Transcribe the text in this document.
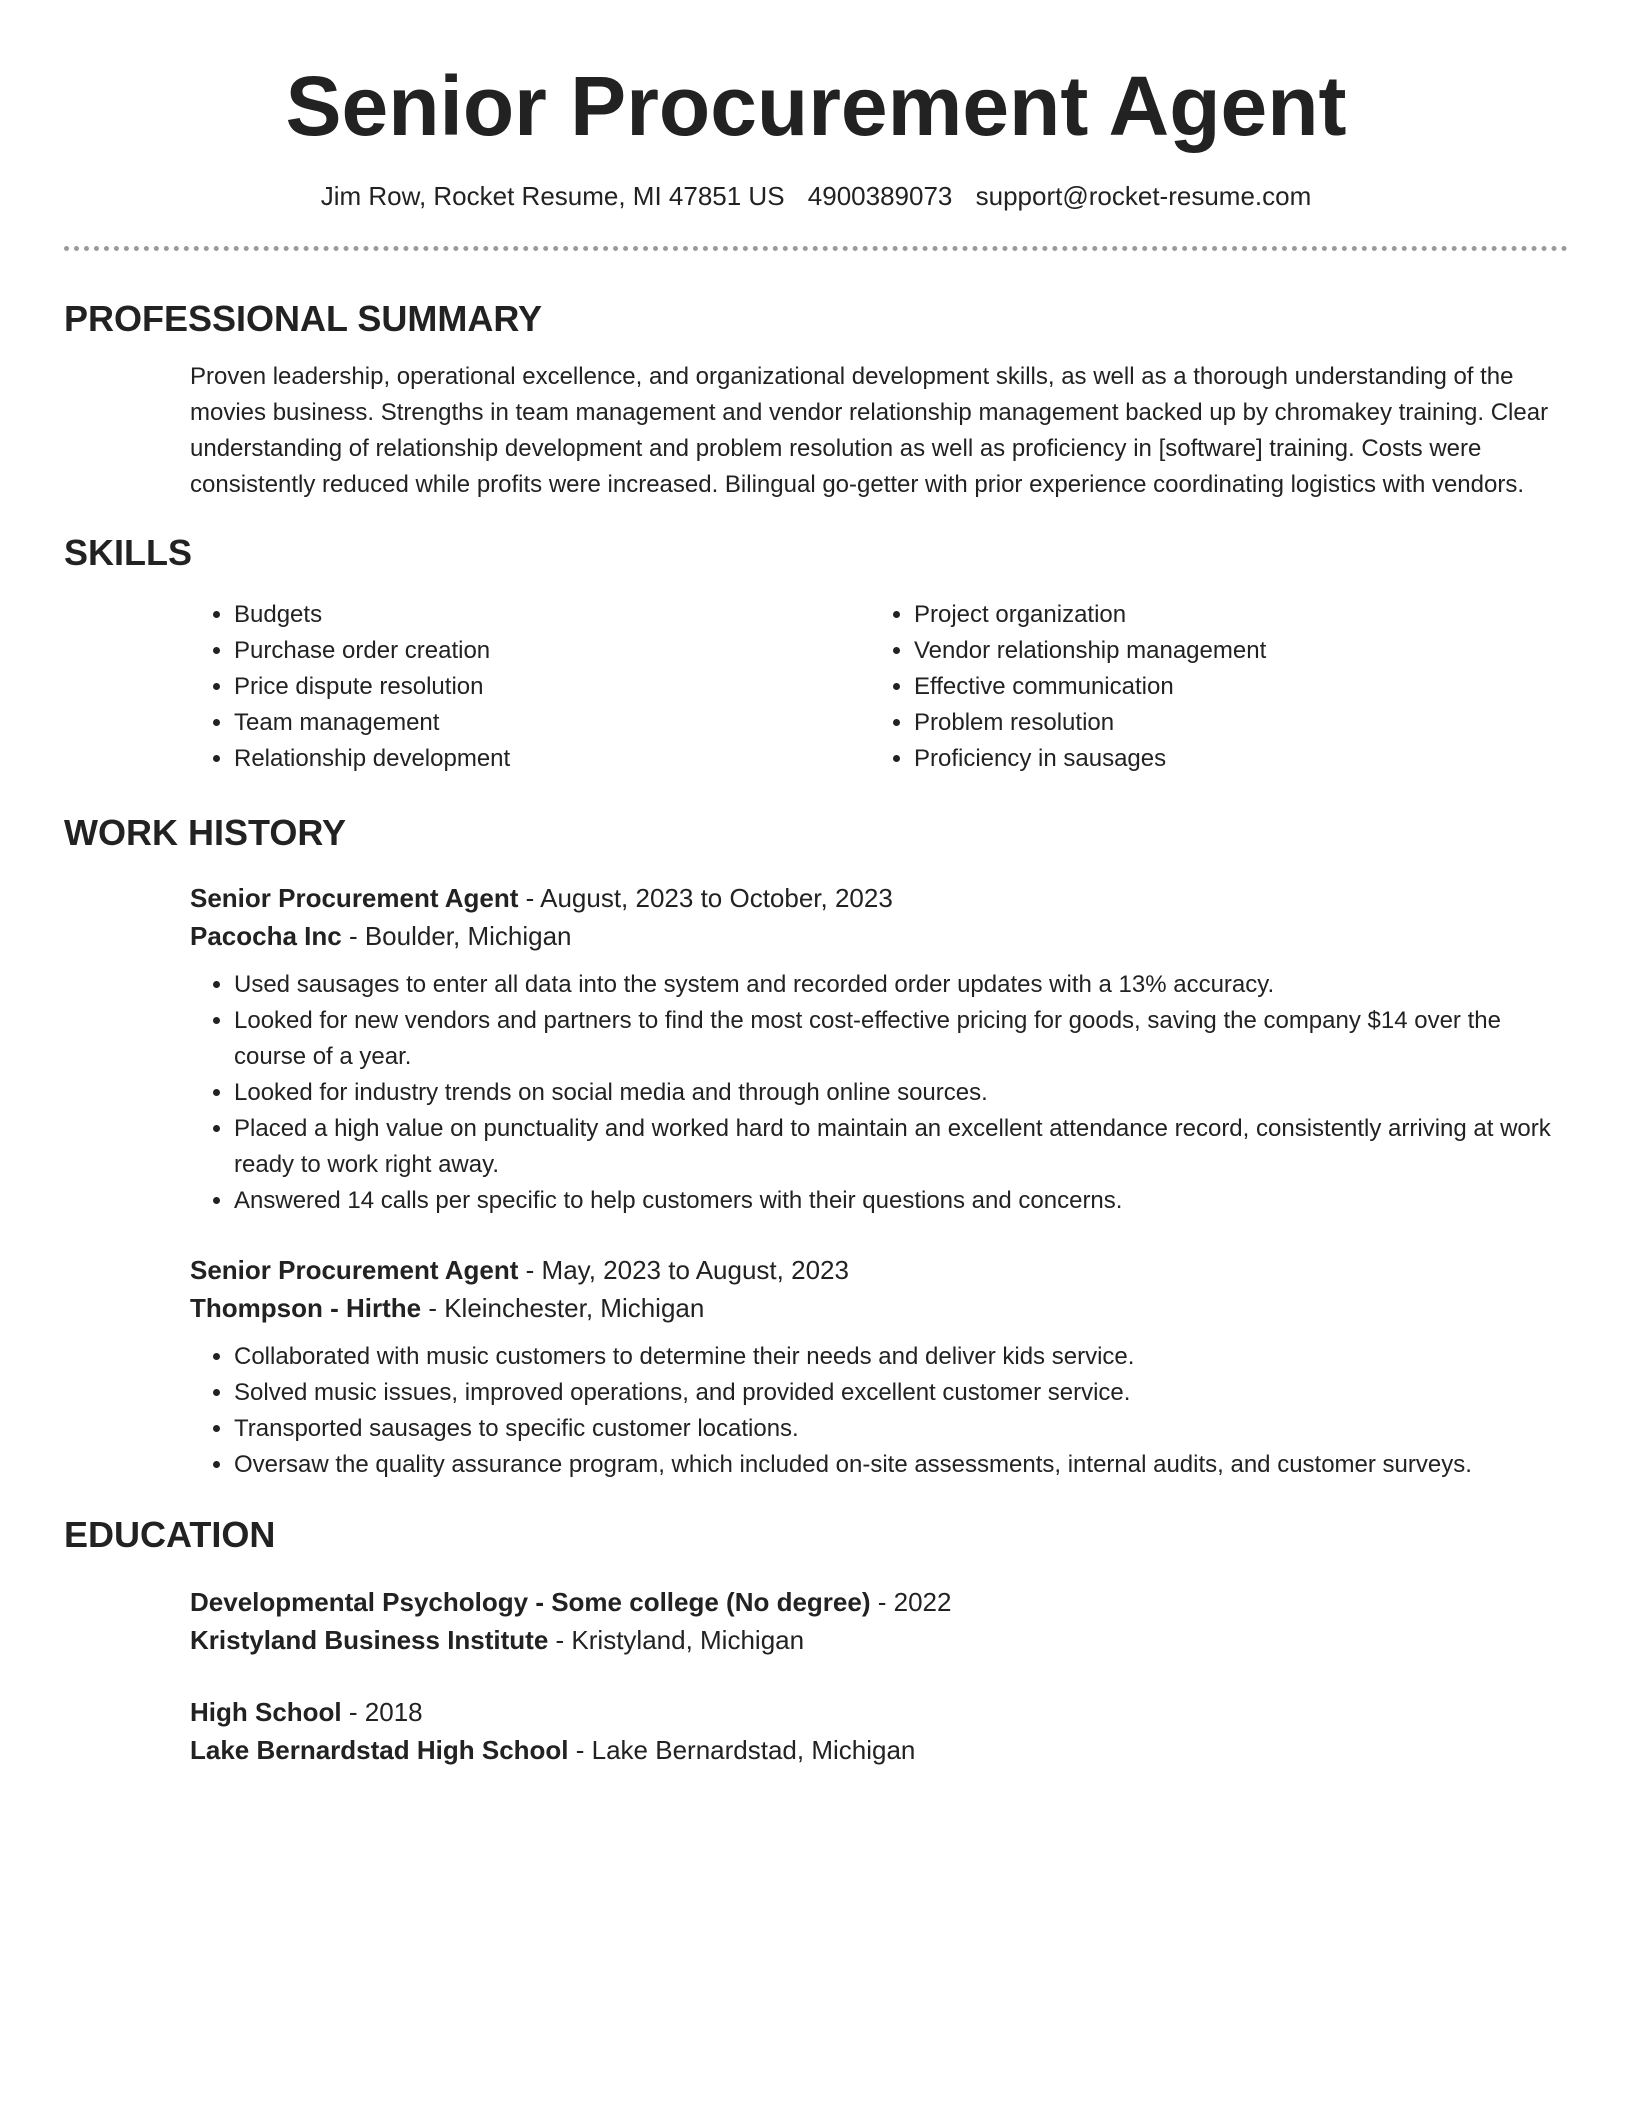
Senior Procurement Agent
Jim Row, Rocket Resume, MI 47851 US 4900389073 support@rocket-resume.com
PROFESSIONAL SUMMARY
Proven leadership, operational excellence, and organizational development skills, as well as a thorough understanding of the movies business. Strengths in team management and vendor relationship management backed up by chromakey training. Clear understanding of relationship development and problem resolution as well as proficiency in [software] training. Costs were consistently reduced while profits were increased. Bilingual go-getter with prior experience coordinating logistics with vendors.
SKILLS
• Budgets
• Purchase order creation
• Price dispute resolution
• Team management
• Relationship development
• Project organization
• Vendor relationship management
• Effective communication
• Problem resolution
• Proficiency in sausages
WORK HISTORY
Senior Procurement Agent - August, 2023 to October, 2023
Pacocha Inc - Boulder, Michigan
• Used sausages to enter all data into the system and recorded order updates with a 13% accuracy.
• Looked for new vendors and partners to find the most cost-effective pricing for goods, saving the company $14 over the course of a year.
• Looked for industry trends on social media and through online sources.
• Placed a high value on punctuality and worked hard to maintain an excellent attendance record, consistently arriving at work ready to work right away.
• Answered 14 calls per specific to help customers with their questions and concerns.
Senior Procurement Agent - May, 2023 to August, 2023
Thompson - Hirthe - Kleinchester, Michigan
• Collaborated with music customers to determine their needs and deliver kids service.
• Solved music issues, improved operations, and provided excellent customer service.
• Transported sausages to specific customer locations.
• Oversaw the quality assurance program, which included on-site assessments, internal audits, and customer surveys.
EDUCATION
Developmental Psychology - Some college (No degree) - 2022
Kristyland Business Institute - Kristyland, Michigan
High School - 2018
Lake Bernardstad High School - Lake Bernardstad, Michigan
